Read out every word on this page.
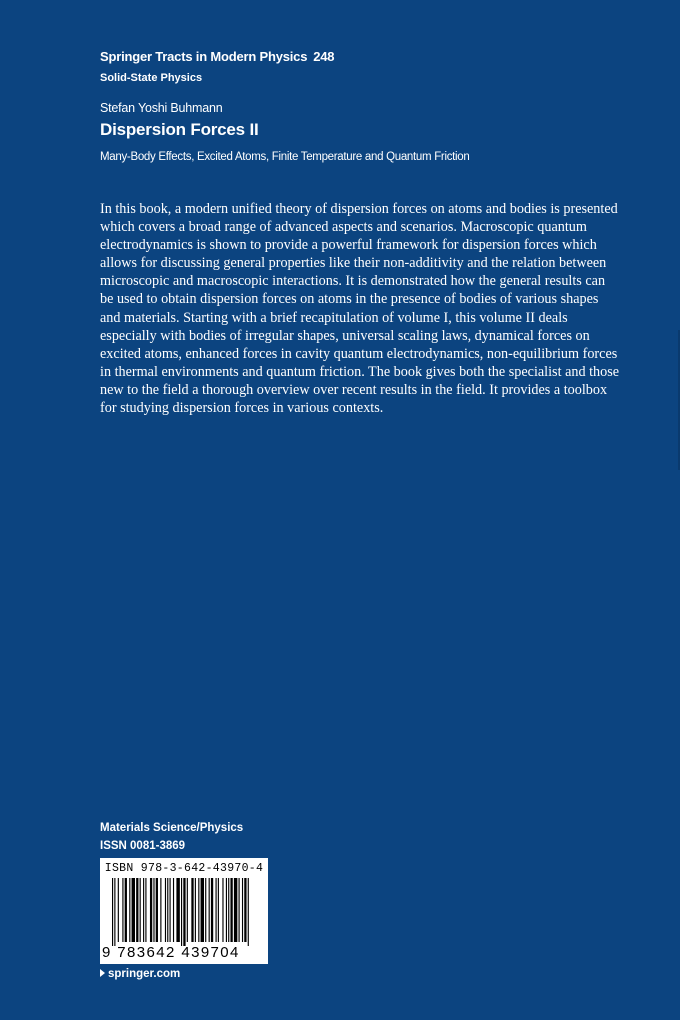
Springer Tracts in Modern Physics 248
Solid-State Physics
Stefan Yoshi Buhmann
Dispersion Forces II
Many-Body Effects, Excited Atoms, Finite Temperature and Quantum Friction

In this book, a modern unified theory of dispersion forces on atoms and bodies is presented which covers a broad range of advanced aspects and scenarios. Macroscopic quantum electrodynamics is shown to provide a powerful framework for dispersion forces which allows for discussing general properties like their non-additivity and the relation between microscopic and macroscopic interactions. It is demonstrated how the general results can be used to obtain dispersion forces on atoms in the presence of bodies of various shapes and materials. Starting with a brief recapitulation of volume I, this volume II deals especially with bodies of irregular shapes, universal scaling laws, dynamical forces on excited atoms, enhanced forces in cavity quantum electrodynamics, non-equilibrium forces in thermal environments and quantum friction. The book gives both the specialist and those new to the field a thorough overview over recent results in the field. It provides a toolbox for studying dispersion forces in various contexts.

Materials Science/Physics
ISSN 0081-3869
ISBN 978-3-642-43970-4
9 783642 439704
springer.com
